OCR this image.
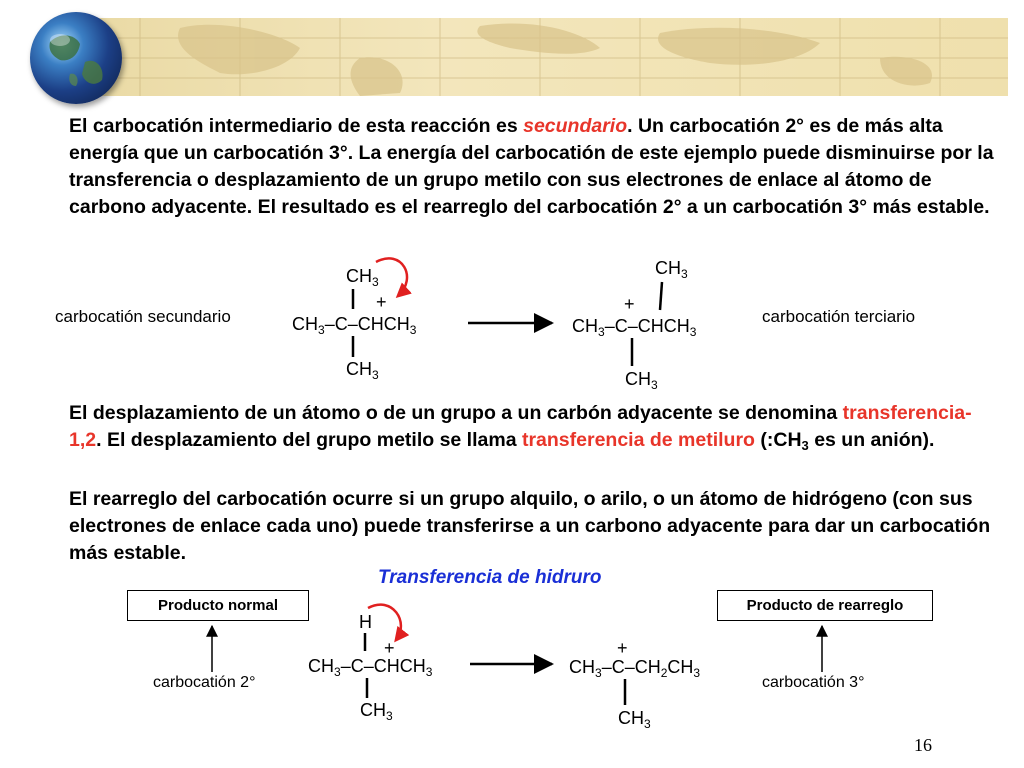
El carbocatión intermediario de esta reacción es secundario. Un carbocatión 2° es de más alta energía que un carbocatión 3°. La energía del carbocatión de este ejemplo puede disminuirse por la transferencia o desplazamiento de un grupo metilo con sus electrones de enlace al átomo de carbono adyacente. El resultado es el rearreglo del carbocatión 2° a un carbocatión 3° más estable.
carbocatión secundario
$CH_3$
+
$CH_3-C-CHCH_3$
$CH_3$
$CH_3$
+
$CH_3-C-CHCH_3$
$CH_3$
carbocatión terciario
El desplazamiento de un átomo o de un grupo a un carbón adyacente se denomina transferencia-1,2. El desplazamiento del grupo metilo se llama transferencia de metiluro ($:CH_3$ es un anión).
El rearreglo del carbocatión ocurre si un grupo alquilo, o arilo, o un átomo de hidrógeno (con sus electrones de enlace cada uno) puede transferirse a un carbono adyacente para dar un carbocatión más estable.
Transferencia de hidruro
Producto normal	Producto de rearreglo
carbocatión 2°	carbocatión 3°
H
+
$CH_3-C-CHCH_3$
$CH_3$
+
$CH_3-C-CH_2CH_3$
$CH_3$
16
